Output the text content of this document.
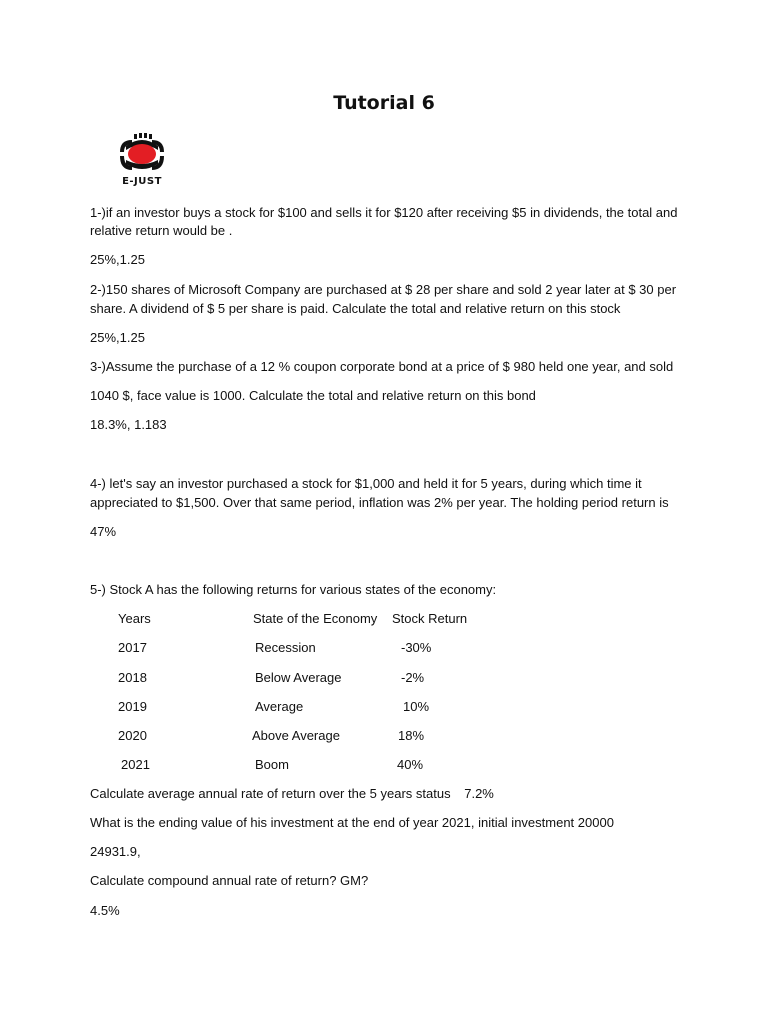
Tutorial 6
E-JUST
1-)if an investor buys a stock for $100 and sells it for $120 after receiving $5 in dividends, the total and
relative return would be .
25%,1.25
2-)150 shares of Microsoft Company are purchased at $ 28 per share and sold 2 year later at $ 30 per
share. A dividend of $ 5 per share is paid. Calculate the total and relative return on this stock
25%,1.25
3-)Assume the purchase of a 12 % coupon corporate bond at a price of $ 980 held one year, and sold
1040 $, face value is 1000. Calculate the total and relative return on this bond
18.3%, 1.183
4-) let's say an investor purchased a stock for $1,000 and held it for 5 years, during which time it
appreciated to $1,500. Over that same period, inflation was 2% per year. The holding period return is
47%
5-) Stock A has the following returns for various states of the economy:
Years	State of the Economy Stock Return
2017	Recession	-30%
2018	Below Average	-2%
2019	Average	10%
2020	Above Average	18%
2021	Boom	40%
Calculate average annual rate of return over the 5 years status 7.2%
What is the ending value of his investment at the end of year 2021, initial investment 20000
24931.9,
Calculate compound annual rate of return? GM?
4.5%
